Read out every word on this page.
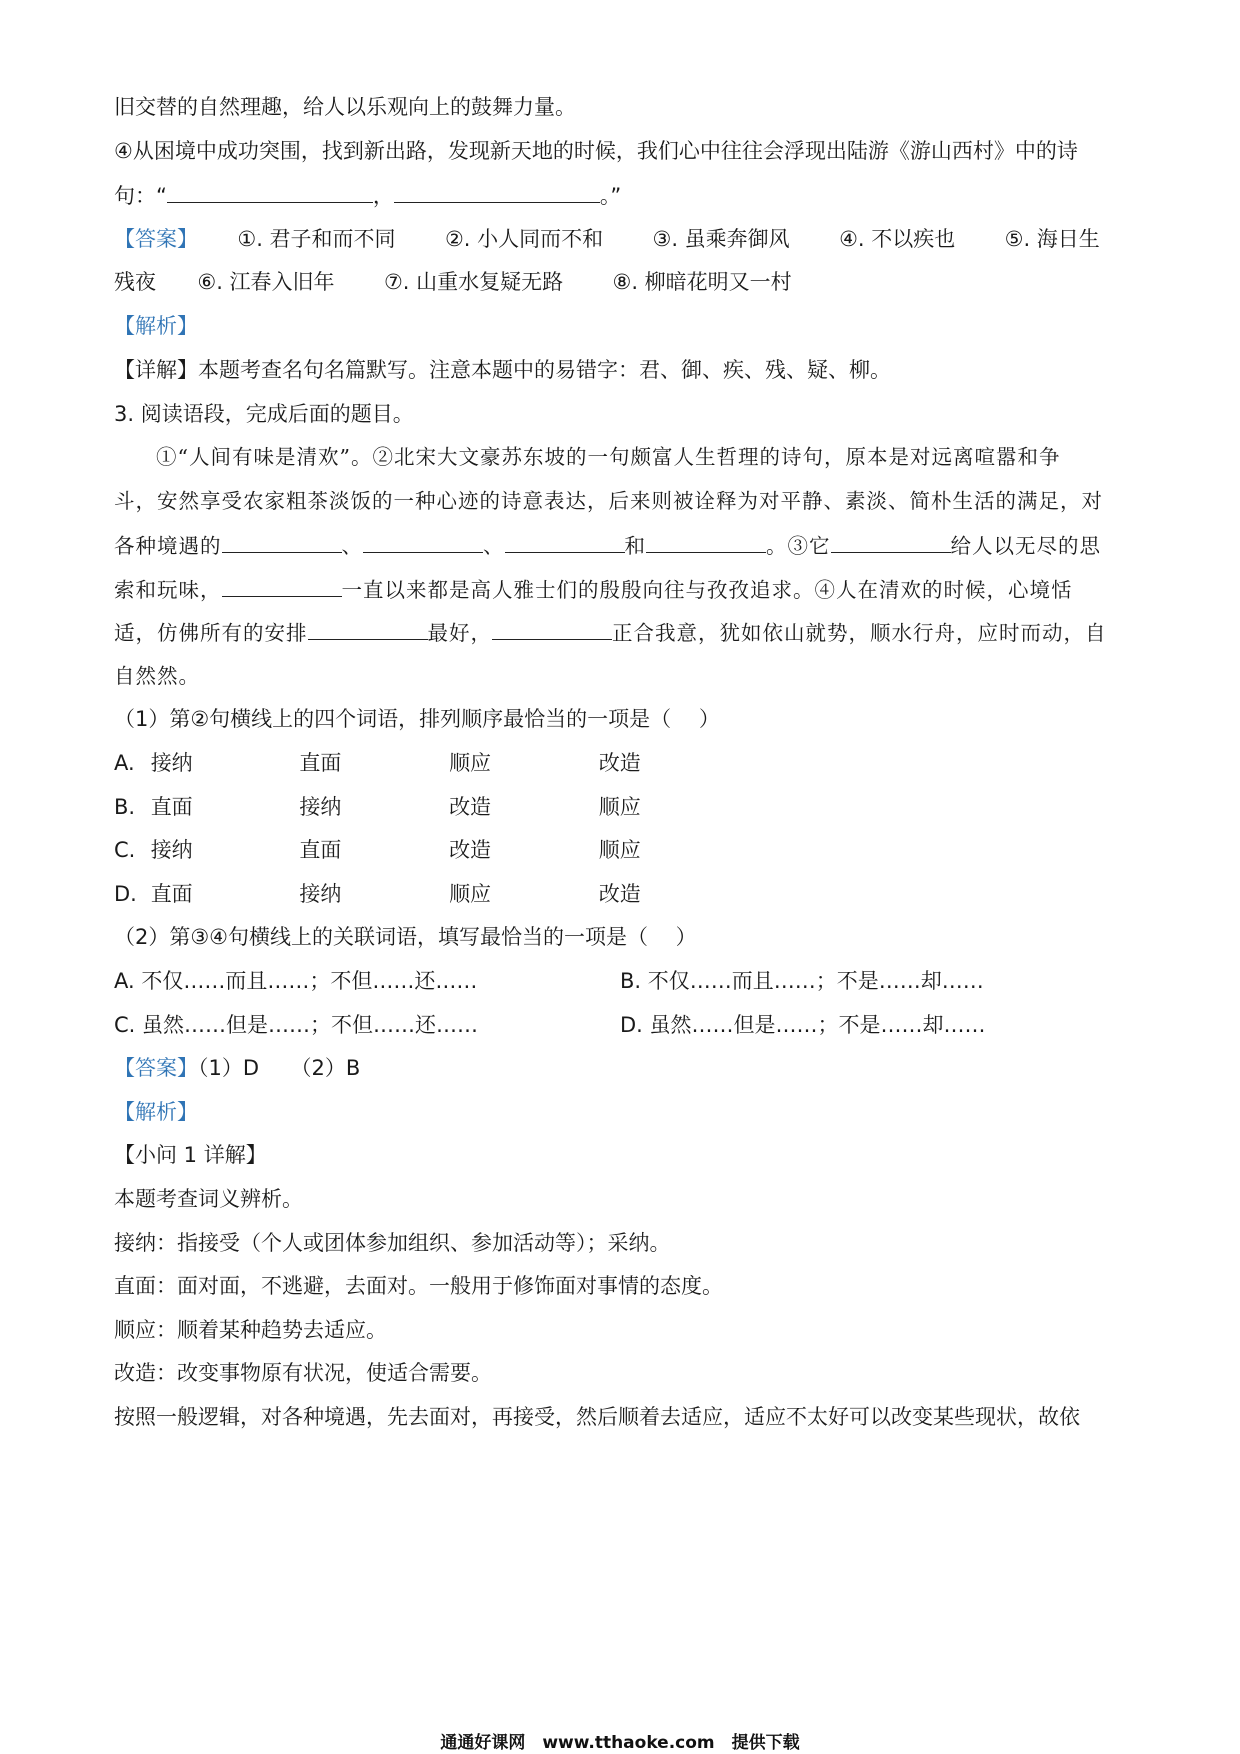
旧交替的自然理趣，给人以乐观向上的鼓舞力量。
④从困境中成功突围，找到新出路，发现新天地的时候，我们心中往往会浮现出陆游《游山西村》中的诗
句：“	，	。”
【答案】 ①. 君子和而不同 ②. 小人同而不和 ③. 虽乘奔御风 ④. 不以疾也 ⑤. 海日生
残夜 ⑥. 江春入旧年 ⑦. 山重水复疑无路 ⑧. 柳暗花明又一村
【解析】
【详解】本题考查名句名篇默写。注意本题中的易错字：君、御、疾、残、疑、柳。
3. 阅读语段，完成后面的题目。
①“人间有味是清欢”。②北宋大文豪苏东坡的一句颇富人生哲理的诗句，原本是对远离喧嚣和争
斗，安然享受农家粗茶淡饭的一种心迹的诗意表达，后来则被诠释为对平静、素淡、简朴生活的满足，对
各种境遇的	、	、	和	。③它	给人以无尽的思
索和玩味，	一直以来都是高人雅士们的殷殷向往与孜孜追求。④人在清欢的时候，心境恬
适，仿佛所有的安排	最好，	正合我意，犹如依山就势，顺水行舟，应时而动，自
自然然。
（1）第②句横线上的四个词语，排列顺序最恰当的一项是（　 ）
A. 接纳	直面	顺应	改造
B. 直面	接纳	改造	顺应
C. 接纳	直面	改造	顺应
D. 直面	接纳	顺应	改造
（2）第③④句横线上的关联词语，填写最恰当的一项是（　 ）
A. 不仅……而且……；不但……还……	B. 不仅……而且……；不是……却……
C. 虽然……但是……；不但……还……	D. 虽然……但是……；不是……却……
【答案】（1）D　　（2）B
【解析】
【小问 1 详解】
本题考查词义辨析。
接纳：指接受（个人或团体参加组织、参加活动等）；采纳。
直面：面对面，不逃避，去面对。一般用于修饰面对事情的态度。
顺应：顺着某种趋势去适应。
改造：改变事物原有状况，使适合需要。
按照一般逻辑，对各种境遇，先去面对，再接受，然后顺着去适应，适应不太好可以改变某些现状，故依
通通好课网　www.tthaoke.com　提供下载
